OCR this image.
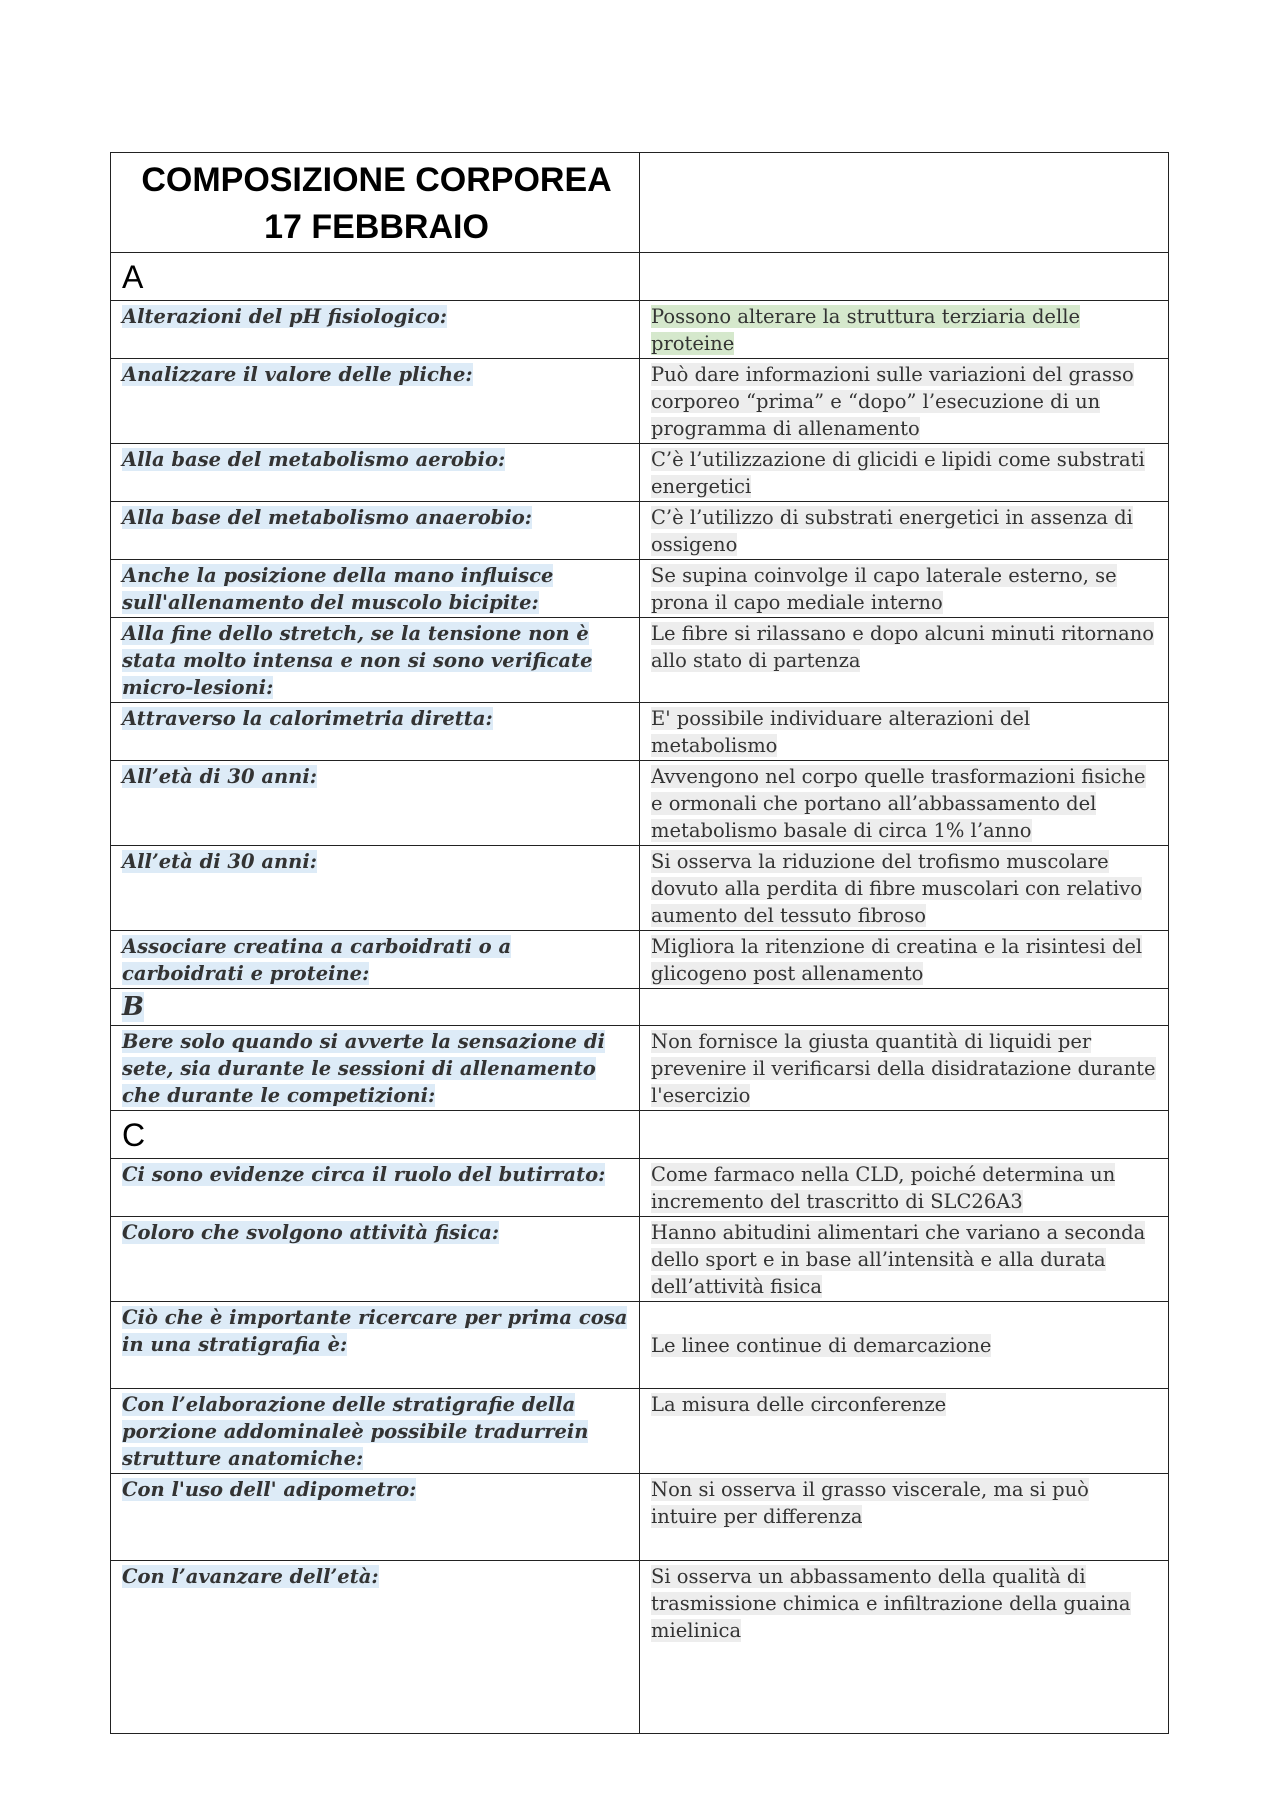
COMPOSIZIONE CORPOREA 17 FEBBRAIO	
A	
Alterazioni del pH fisiologico:	Possono alterare la struttura terziaria delle proteine
Analizzare il valore delle pliche:	Può dare informazioni sulle variazioni del grasso corporeo “prima” e “dopo” l’esecuzione di un programma di allenamento
Alla base del metabolismo aerobio:	C’è l’utilizzazione di glicidi e lipidi come substrati energetici
Alla base del metabolismo anaerobio:	C’è l’utilizzo di substrati energetici in assenza di ossigeno
Anche la posizione della mano influisce sull'allenamento del muscolo bicipite:	Se supina coinvolge il capo laterale esterno, se prona il capo mediale interno
Alla fine dello stretch, se la tensione non è stata molto intensa e non si sono verificate micro-lesioni:	Le fibre si rilassano e dopo alcuni minuti ritornano allo stato di partenza
Attraverso la calorimetria diretta:	E' possibile individuare alterazioni del metabolismo
All’età di 30 anni:	Avvengono nel corpo quelle trasformazioni fisiche e ormonali che portano all’abbassamento del metabolismo basale di circa 1% l’anno
All’età di 30 anni:	Si osserva la riduzione del trofismo muscolare dovuto alla perdita di fibre muscolari con relativo aumento del tessuto fibroso
Associare creatina a carboidrati o a carboidrati e proteine:	Migliora la ritenzione di creatina e la risintesi del glicogeno post allenamento
B	
Bere solo quando si avverte la sensazione di sete, sia durante le sessioni di allenamento che durante le competizioni:	Non fornisce la giusta quantità di liquidi per prevenire il verificarsi della disidratazione durante l'esercizio
C	
Ci sono evidenze circa il ruolo del butirrato:	Come farmaco nella CLD, poiché determina un incremento del trascritto di SLC26A3
Coloro che svolgono attività fisica:	Hanno abitudini alimentari che variano a seconda dello sport e in base all’intensità e alla durata dell’attività fisica
Ciò che è importante ricercare per prima cosa in una stratigrafia è:	Le linee continue di demarcazione
Con l’elaborazione delle stratigrafie della porzione addominaleè possibile tradurrein strutture anatomiche:	La misura delle circonferenze
Con l'uso dell' adipometro:	Non si osserva il grasso viscerale, ma si può intuire per differenza
Con l’avanzare dell’età:	Si osserva un abbassamento della qualità di trasmissione chimica e infiltrazione della guaina mielinica
